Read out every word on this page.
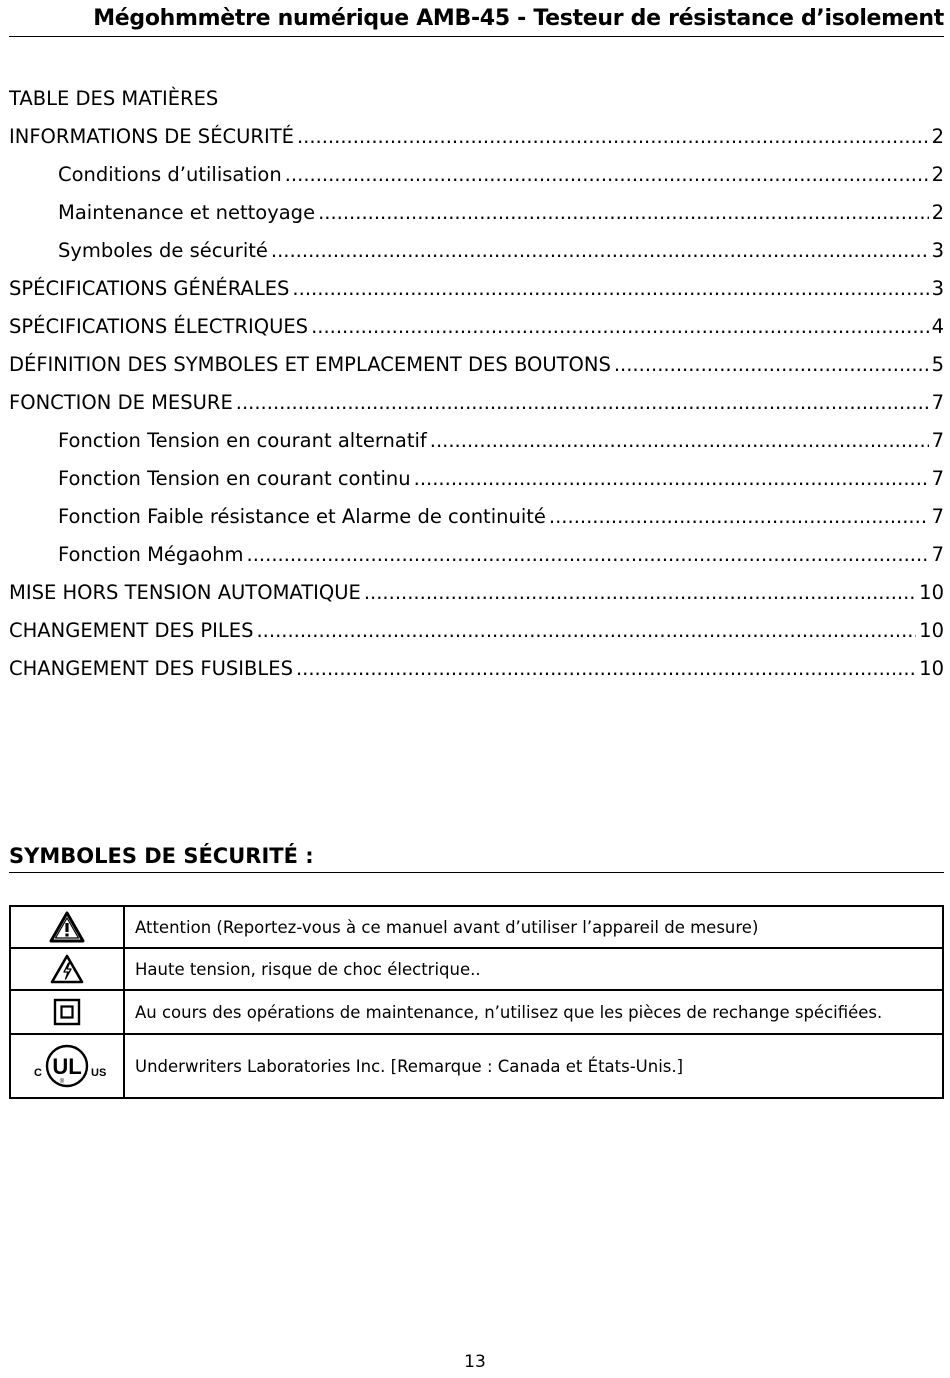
Mégohmmètre numérique AMB-45 - Testeur de résistance d’isolement
TABLE DES MATIÈRES
INFORMATIONS DE SÉCURITÉ .....	2
Conditions d’utilisation .....	2
Maintenance et nettoyage .....	2
Symboles de sécurité .....	3
SPÉCIFICATIONS GÉNÉRALES .....	3
SPÉCIFICATIONS ÉLECTRIQUES .....	4
DÉFINITION DES SYMBOLES ET EMPLACEMENT DES BOUTONS .....	5
FONCTION DE MESURE .....	7
Fonction Tension en courant alternatif .....	7
Fonction Tension en courant continu .....	7
Fonction Faible résistance et Alarme de continuité .....	7
Fonction Mégaohm .....	7
MISE HORS TENSION AUTOMATIQUE .....	10
CHANGEMENT DES PILES .....	10
CHANGEMENT DES FUSIBLES .....	10
SYMBOLES DE SÉCURITÉ :
	Attention (Reportez-vous à ce manuel avant d’utiliser l’appareil de mesure)
	Haute tension, risque de choc électrique..
	Au cours des opérations de maintenance, n’utilisez que les pièces de rechange spécifiées.

C UL
®
US	Underwriters Laboratories Inc. [Remarque : Canada et États-Unis.]
13
